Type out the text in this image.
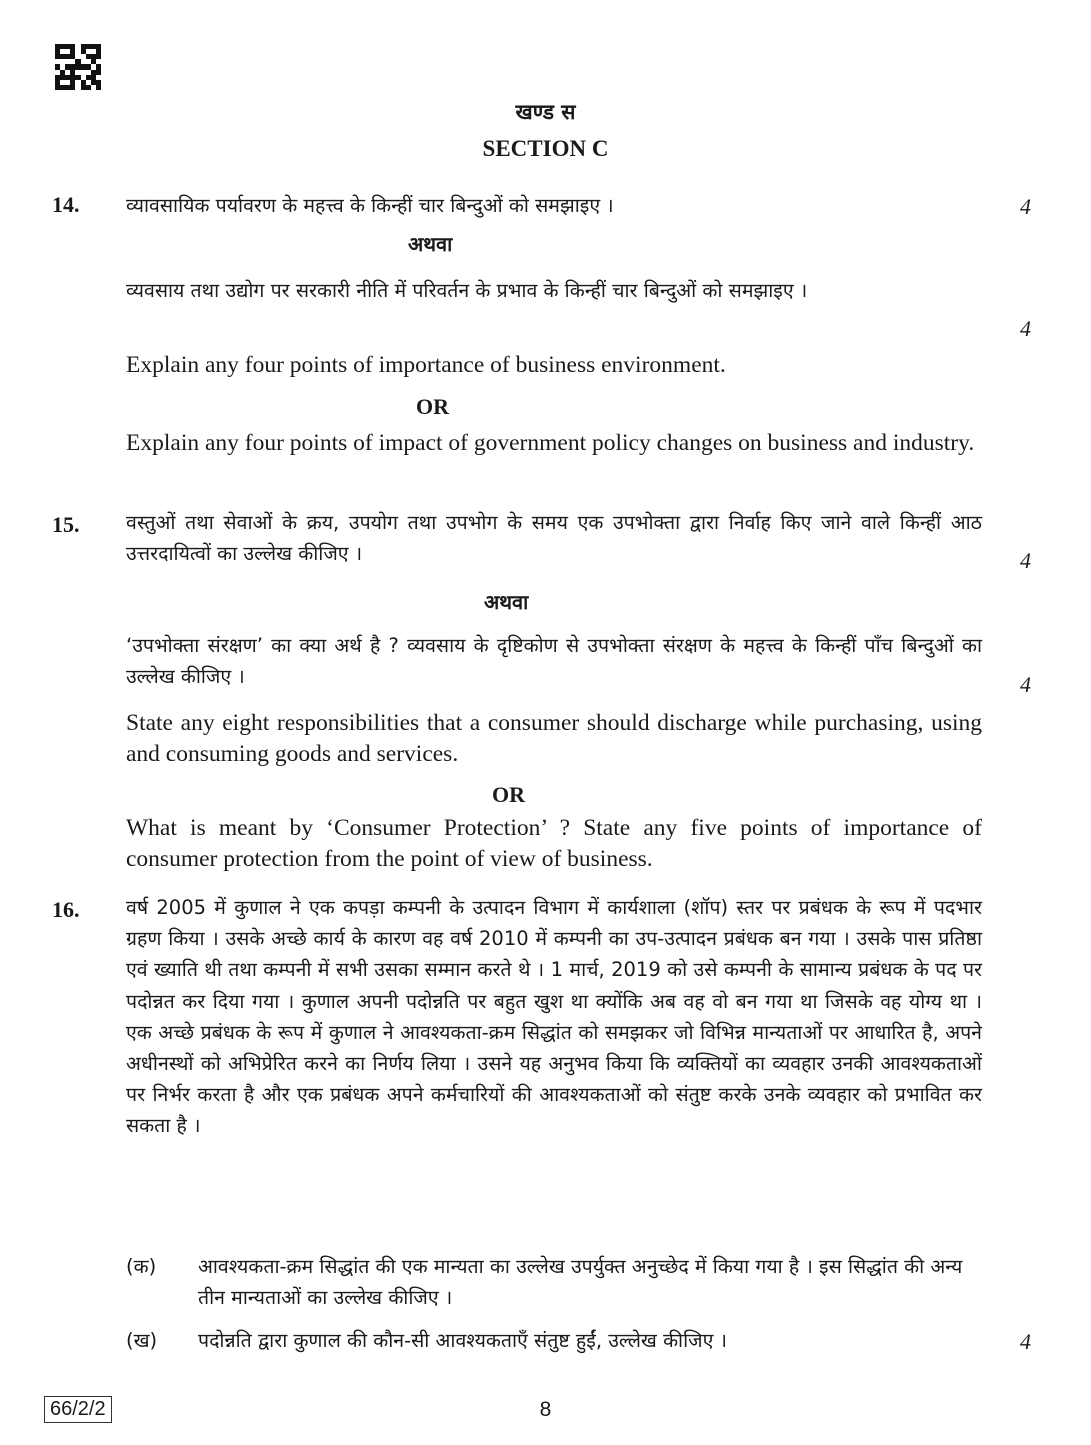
खण्ड स
SECTION C
14. व्यावसायिक पर्यावरण के महत्त्व के किन्हीं चार बिन्दुओं को समझाइए ।	4
अथवा
व्यवसाय तथा उद्योग पर सरकारी नीति में परिवर्तन के प्रभाव के किन्हीं चार बिन्दुओं को समझाइए ।
4
Explain any four points of importance of business environment.
OR
Explain any four points of impact of government policy changes on business and industry.
15. वस्तुओं तथा सेवाओं के क्रय, उपयोग तथा उपभोग के समय एक उपभोक्ता द्वारा निर्वाह किए जाने वाले किन्हीं आठ उत्तरदायित्वों का उल्लेख कीजिए ।	4
अथवा
‘उपभोक्ता संरक्षण’ का क्या अर्थ है ? व्यवसाय के दृष्टिकोण से उपभोक्ता संरक्षण के महत्त्व के किन्हीं पाँच बिन्दुओं का उल्लेख कीजिए ।	4
State any eight responsibilities that a consumer should discharge while purchasing, using and consuming goods and services.
OR
What is meant by ‘Consumer Protection’ ? State any five points of importance of consumer protection from the point of view of business.
16. वर्ष 2005 में कुणाल ने एक कपड़ा कम्पनी के उत्पादन विभाग में कार्यशाला (शॉप) स्तर पर प्रबंधक के रूप में पदभार ग्रहण किया । उसके अच्छे कार्य के कारण वह वर्ष 2010 में कम्पनी का उप-उत्पादन प्रबंधक बन गया । उसके पास प्रतिष्ठा एवं ख्याति थी तथा कम्पनी में सभी उसका सम्मान करते थे । 1 मार्च, 2019 को उसे कम्पनी के सामान्य प्रबंधक के पद पर पदोन्नत कर दिया गया । कुणाल अपनी पदोन्नति पर बहुत खुश था क्योंकि अब वह वो बन गया था जिसके वह योग्य था । एक अच्छे प्रबंधक के रूप में कुणाल ने आवश्यकता-क्रम सिद्धांत को समझकर जो विभिन्न मान्यताओं पर आधारित है, अपने अधीनस्थों को अभिप्रेरित करने का निर्णय लिया । उसने यह अनुभव किया कि व्यक्तियों का व्यवहार उनकी आवश्यकताओं पर निर्भर करता है और एक प्रबंधक अपने कर्मचारियों की आवश्यकताओं को संतुष्ट करके उनके व्यवहार को प्रभावित कर सकता है ।
(क) आवश्यकता-क्रम सिद्धांत की एक मान्यता का उल्लेख उपर्युक्त अनुच्छेद में किया गया है । इस सिद्धांत की अन्य तीन मान्यताओं का उल्लेख कीजिए ।
(ख) पदोन्नति द्वारा कुणाल की कौन-सी आवश्यकताएँ संतुष्ट हुईं, उल्लेख कीजिए ।	4
66/2/2	8
